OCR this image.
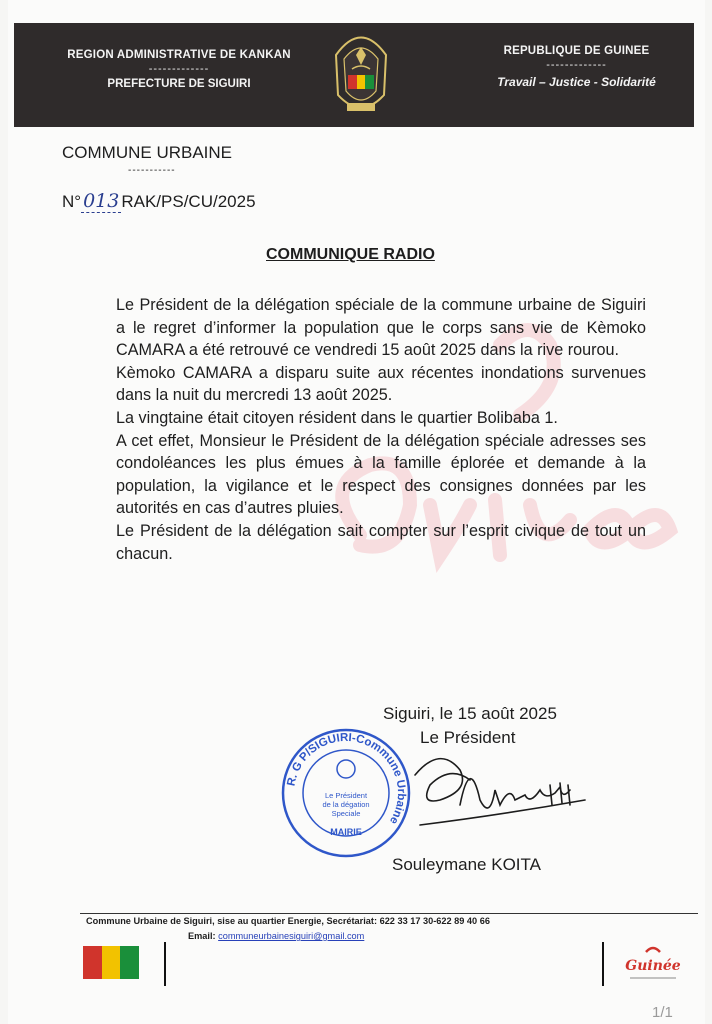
REGION ADMINISTRATIVE DE KANKAN
-------------
PREFECTURE DE SIGUIRI
REPUBLIQUE DE GUINEE
-------------
Travail – Justice - Solidarité
COMMUNE URBAINE
-----------
N° 013 RAK/PS/CU/2025
COMMUNIQUE RADIO

Le Président de la délégation spéciale de la commune urbaine de Siguiri a le regret d’informer la population que le corps sans vie de Kèmoko CAMARA a été retrouvé ce vendredi 15 août 2025 dans la rive rourou.

Kèmoko CAMARA a disparu suite aux récentes inondations survenues dans la nuit du mercredi 13 août 2025.

La vingtaine était citoyen résident dans le quartier Bolibaba 1.

A cet effet, Monsieur le Président de la délégation spéciale adresses ses condoléances les plus émues à la famille éplorée et demande à la population, la vigilance et le respect des consignes données par les autorités en cas d’autres pluies.

Le Président de la délégation sait compter sur l’esprit civique de tout un chacun.

Siguiri, le 15 août 2025
Le Président
R. G P/SIGUIRI-Commune Urbaine
Le Président
de la dégation
Speciale
MAIRIE
Souleymane KOITA
Commune Urbaine de Siguiri, sise au quartier Energie, Secrétariat: 622 33 17 30-622 89 40 66
Email: communeurbainesiguiri@gmail.com
Guinée
1/1
